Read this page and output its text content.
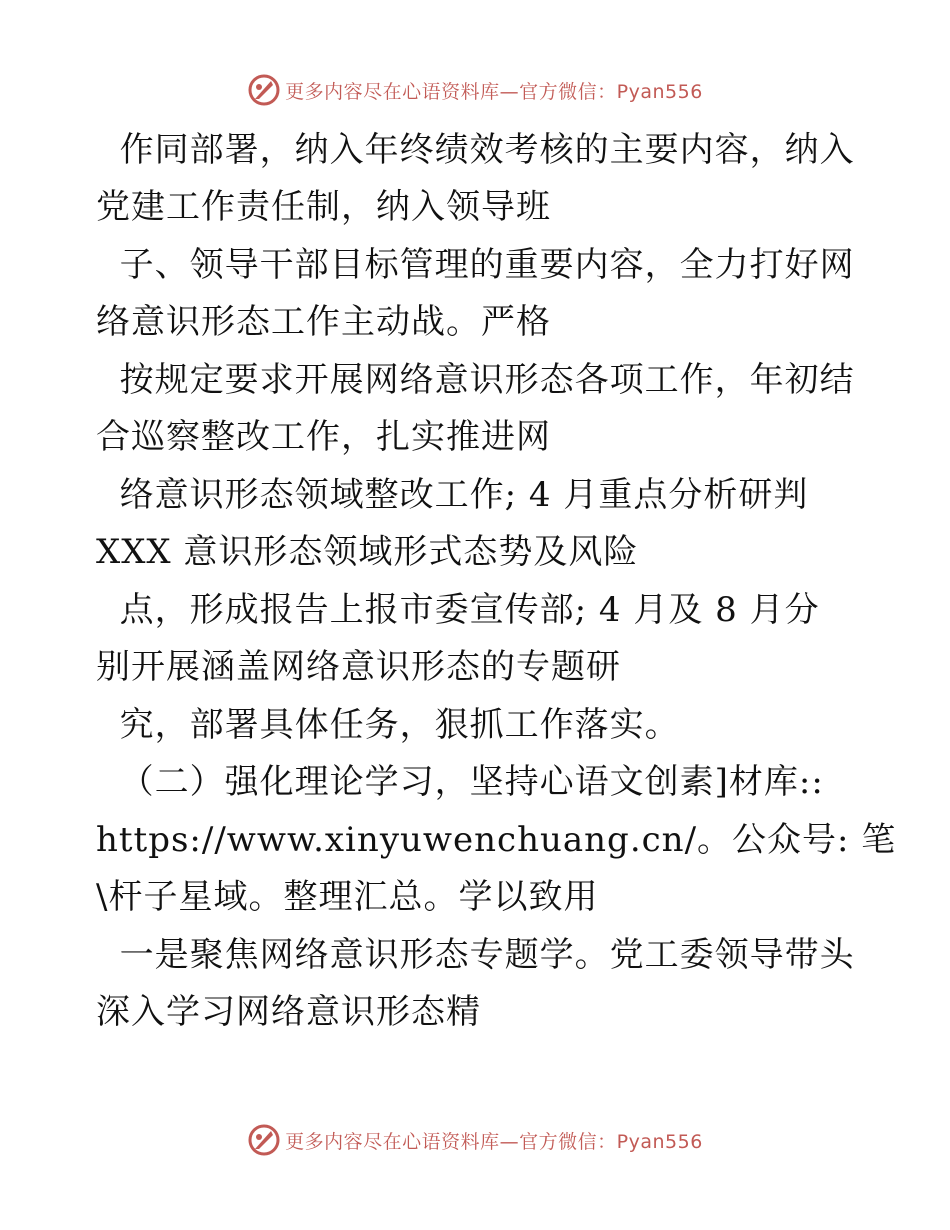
更多内容尽在心语资料库—官方微信：Pyan556
作同部署，纳入年终绩效考核的主要内容，纳入
党建工作责任制，纳入领导班
子、领导干部目标管理的重要内容，全力打好网
络意识形态工作主动战。严格
按规定要求开展网络意识形态各项工作，年初结
合巡察整改工作，扎实推进网
络意识形态领域整改工作; 4 月重点分析研判
XXX 意识形态领域形式态势及风险
点，形成报告上报市委宣传部; 4 月及 8 月分
别开展涵盖网络意识形态的专题研
究，部署具体任务，狠抓工作落实。
（二）强化理论学习，坚持心语文创素]材库::
https://www.xinyuwenchuang.cn/。公众号: 笔
\杆子星域。整理汇总。学以致用
一是聚焦网络意识形态专题学。党工委领导带头
深入学习网络意识形态精
更多内容尽在心语资料库—官方微信：Pyan556
